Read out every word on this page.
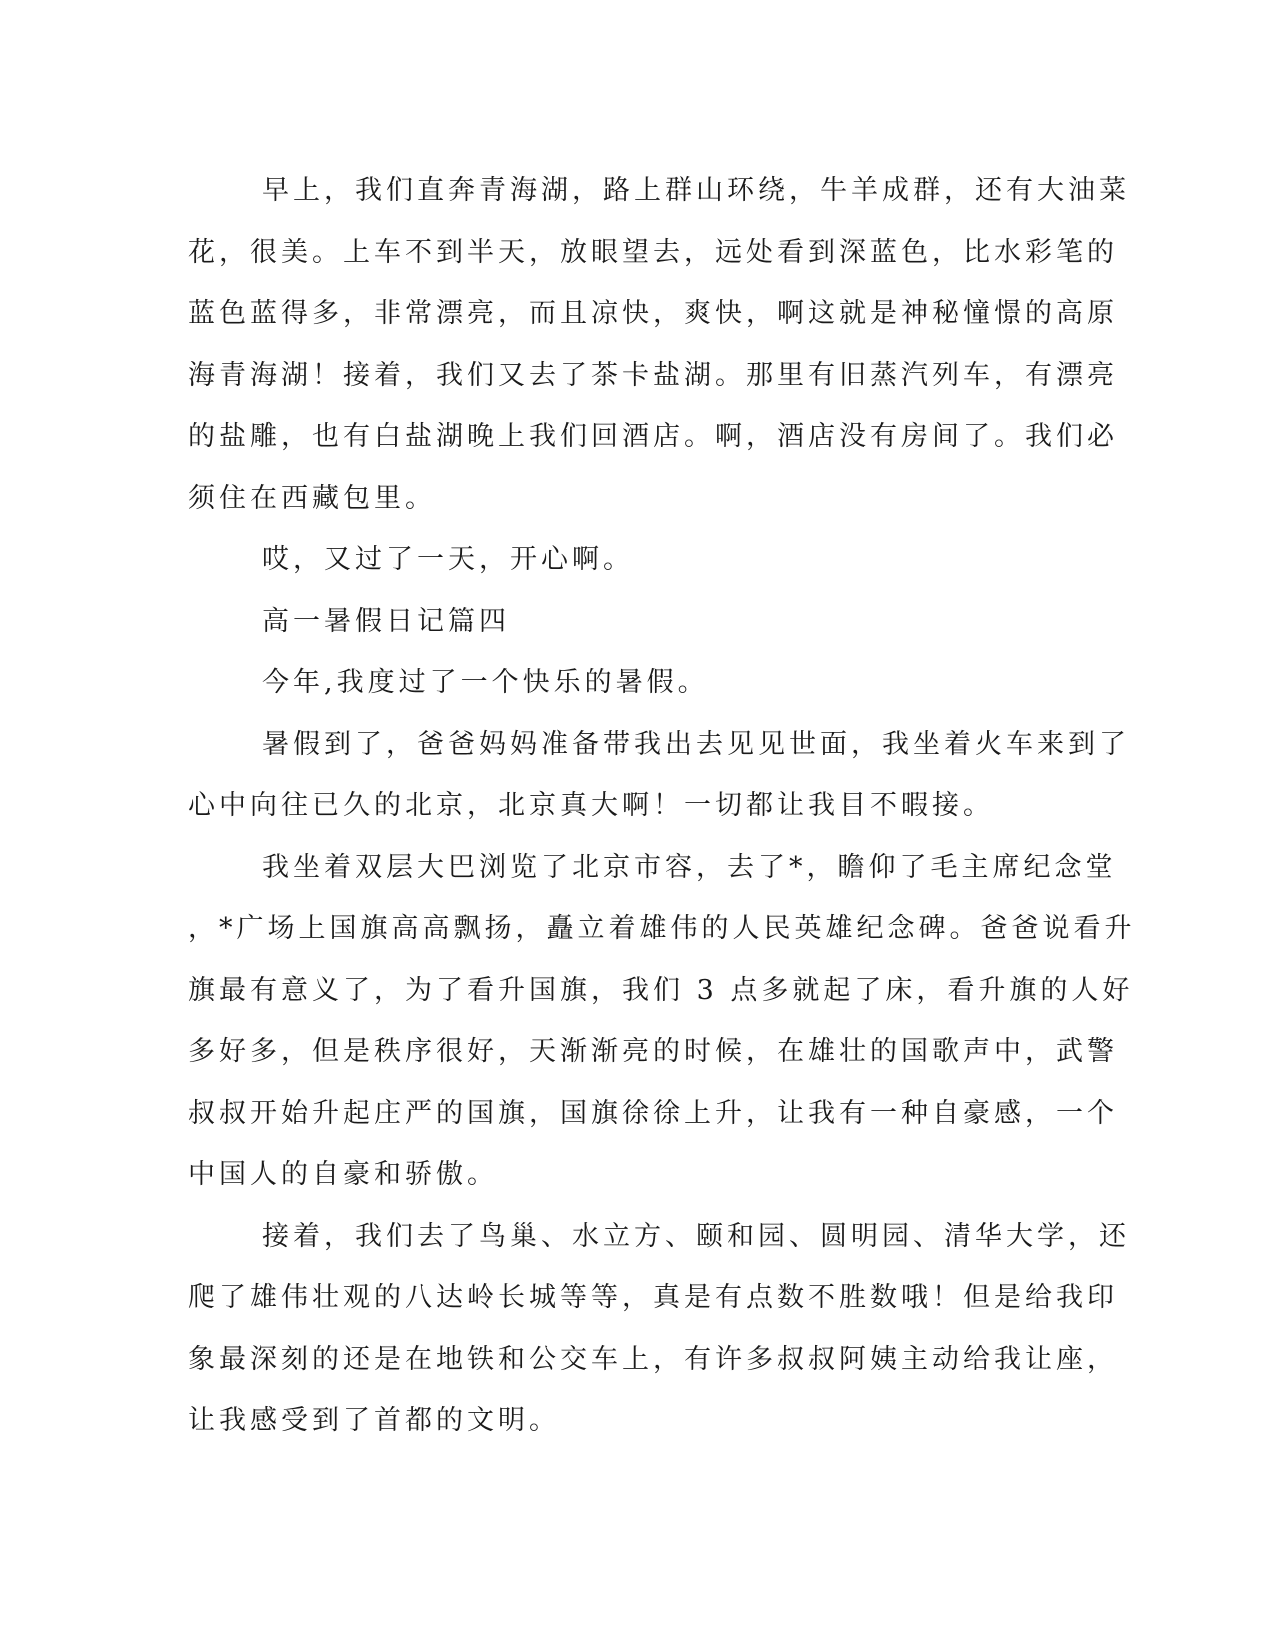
早上，我们直奔青海湖，路上群山环绕，牛羊成群，还有大油菜
花，很美。上车不到半天，放眼望去，远处看到深蓝色，比水彩笔的
蓝色蓝得多，非常漂亮，而且凉快，爽快，啊这就是神秘憧憬的高原
海青海湖！接着，我们又去了茶卡盐湖。那里有旧蒸汽列车，有漂亮
的盐雕，也有白盐湖晚上我们回酒店。啊，酒店没有房间了。我们必
须住在西藏包里。
哎，又过了一天，开心啊。
高一暑假日记篇四
今年,我度过了一个快乐的暑假。
暑假到了，爸爸妈妈准备带我出去见见世面，我坐着火车来到了
心中向往已久的北京，北京真大啊！一切都让我目不暇接。
我坐着双层大巴浏览了北京市容，去了*，瞻仰了毛主席纪念堂
，*广场上国旗高高飘扬，矗立着雄伟的人民英雄纪念碑。爸爸说看升
旗最有意义了，为了看升国旗，我们 3 点多就起了床，看升旗的人好
多好多，但是秩序很好，天渐渐亮的时候，在雄壮的国歌声中，武警
叔叔开始升起庄严的国旗，国旗徐徐上升，让我有一种自豪感，一个
中国人的自豪和骄傲。
接着，我们去了鸟巢、水立方、颐和园、圆明园、清华大学，还
爬了雄伟壮观的八达岭长城等等，真是有点数不胜数哦！但是给我印
象最深刻的还是在地铁和公交车上，有许多叔叔阿姨主动给我让座，
让我感受到了首都的文明。
